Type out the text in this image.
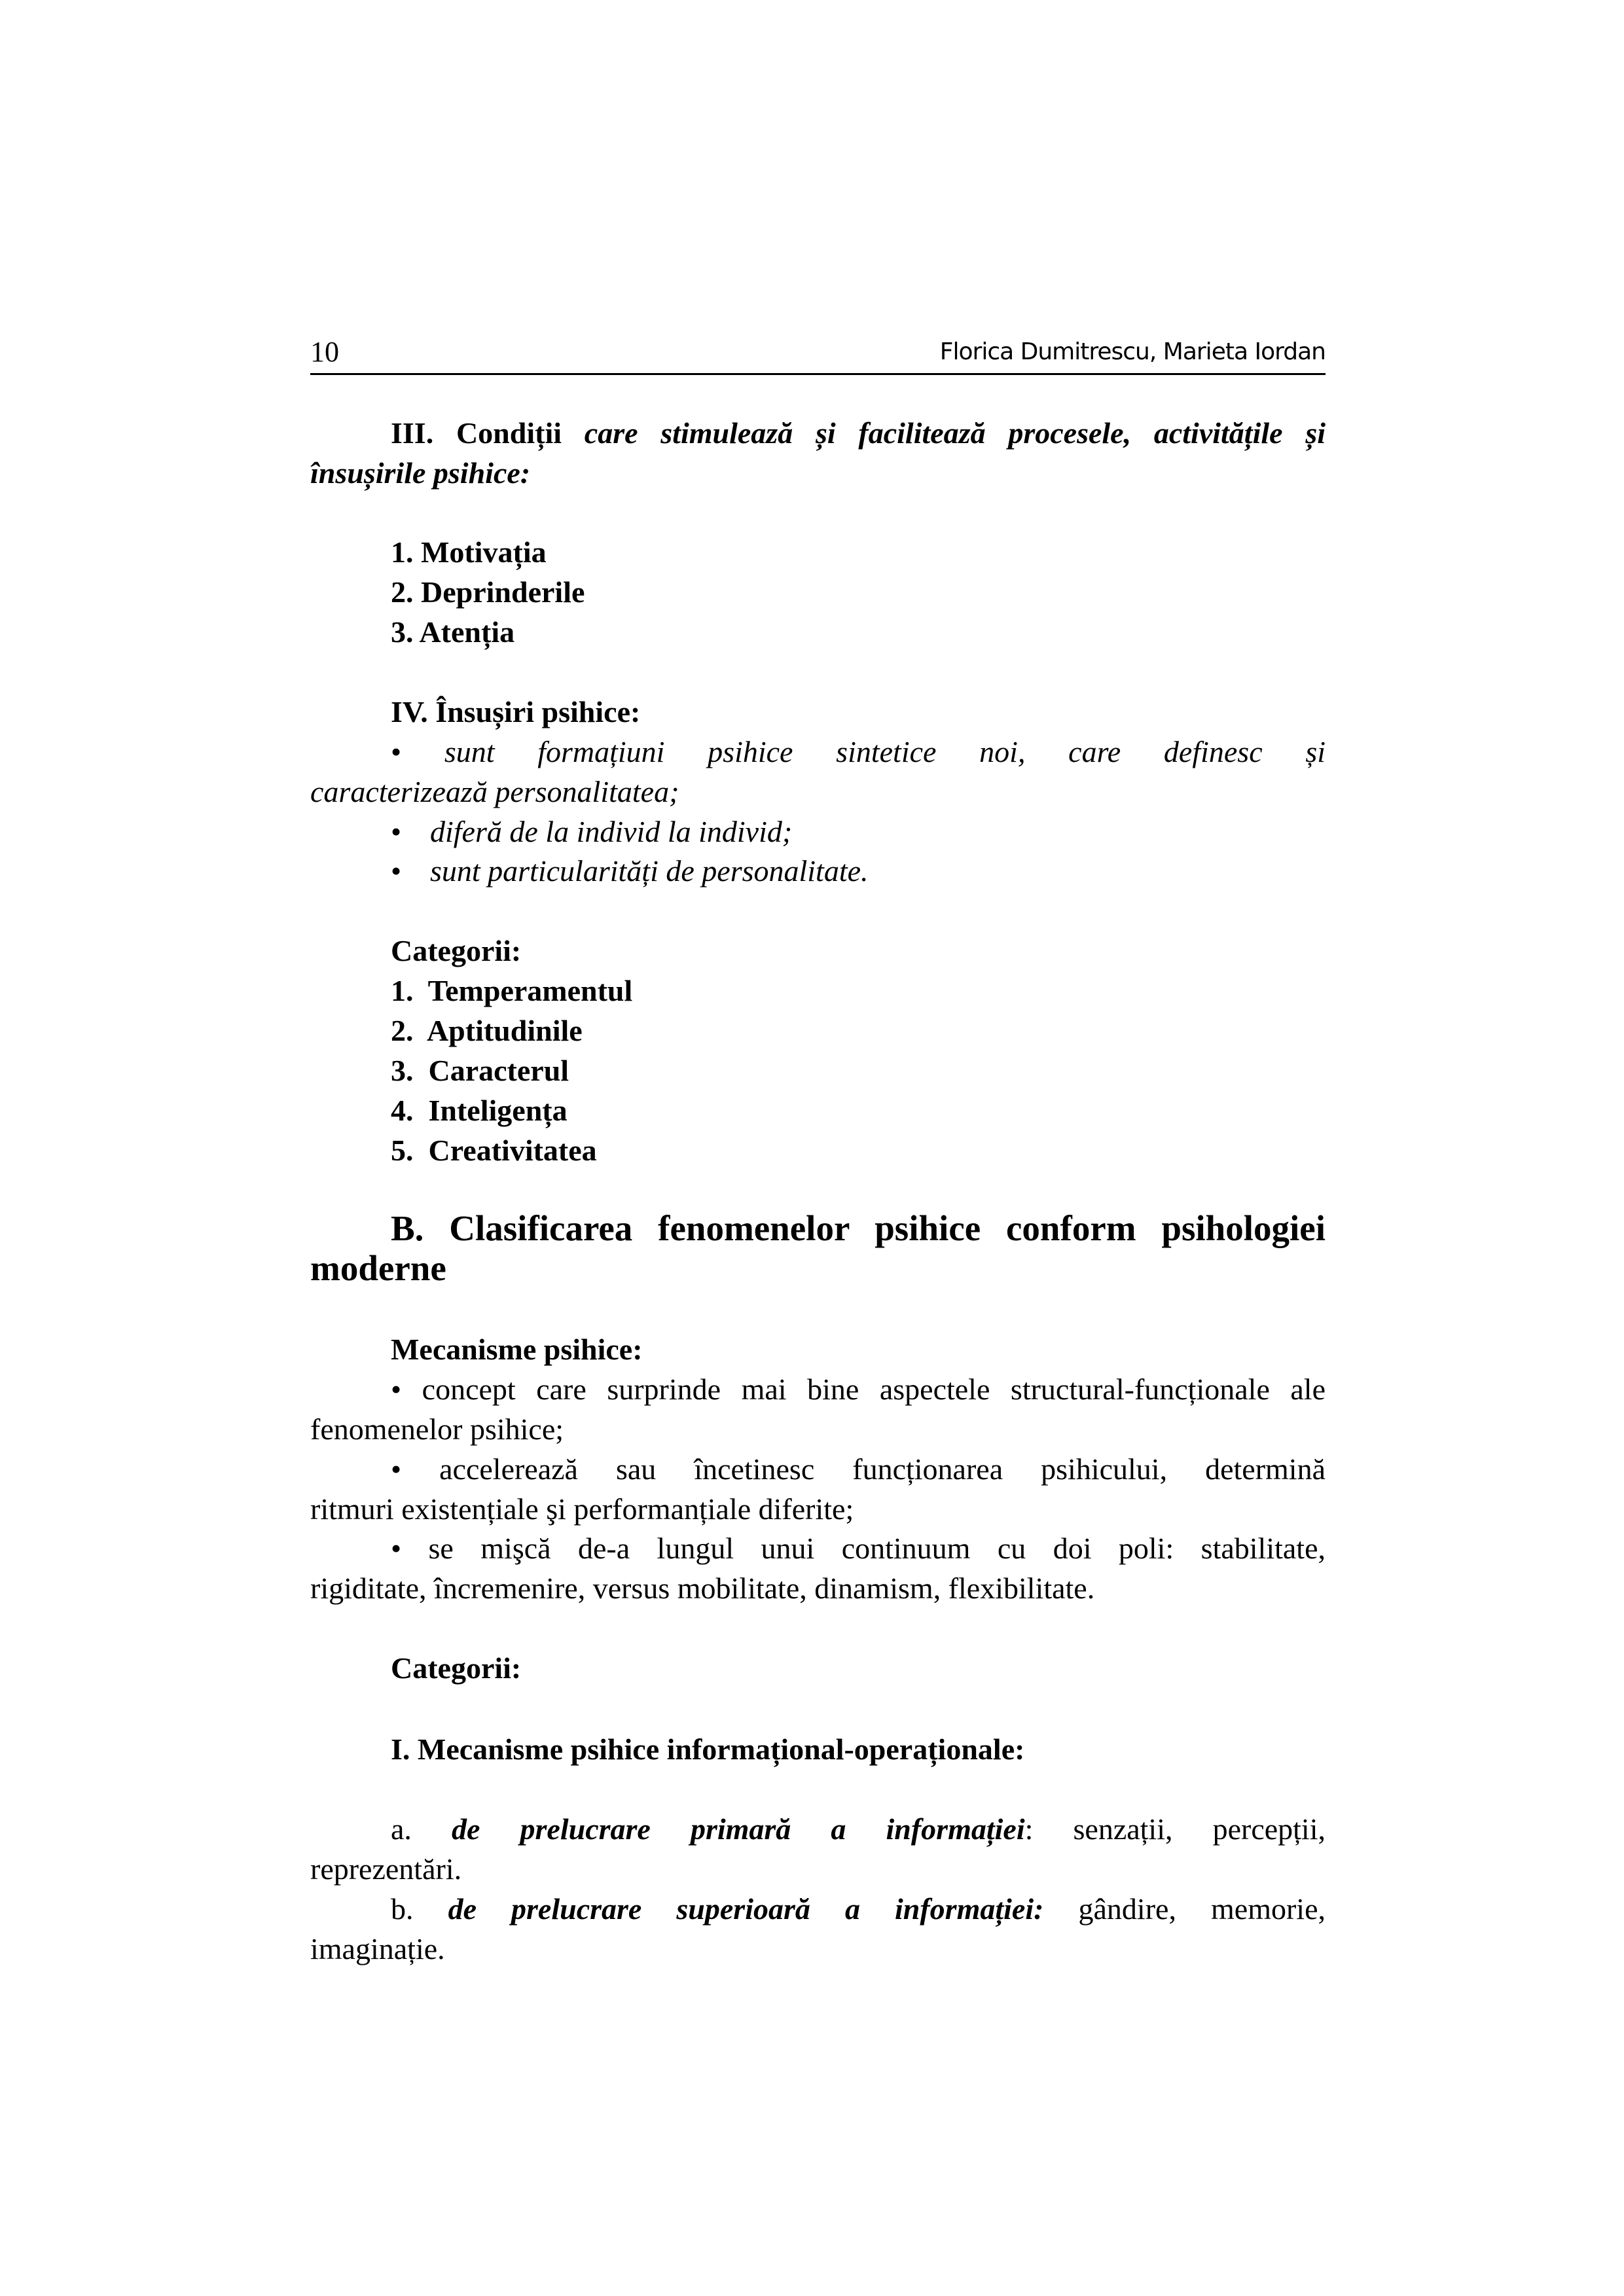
10	Florica Dumitrescu, Marieta Iordan
III. Condiții care stimulează și facilitează procesele, activitățile și
însușirile psihice:
1. Motivația
2. Deprinderile
3. Atenția
IV. Însușiri psihice:
• sunt formațiuni psihice sintetice noi, care definesc și
caracterizează personalitatea;
• diferă de la individ la individ;
• sunt particularități de personalitate.
Categorii:
1.  Temperamentul
2.  Aptitudinile
3.  Caracterul
4.  Inteligența
5.  Creativitatea
B. Clasificarea fenomenelor psihice conform psihologiei
moderne
Mecanisme psihice:
• concept care surprinde mai bine aspectele structural-funcționale ale
fenomenelor psihice;
• accelerează sau încetinesc funcționarea psihicului, determină
ritmuri existențiale şi performanțiale diferite;
• se mişcă de-a lungul unui continuum cu doi poli: stabilitate,
rigiditate, încremenire, versus mobilitate, dinamism, flexibilitate.
Categorii:
I. Mecanisme psihice informațional-operaționale:
a. de prelucrare primară a informației: senzații, percepții,
reprezentări.
b. de prelucrare superioară a informației: gândire, memorie,
imaginație.
